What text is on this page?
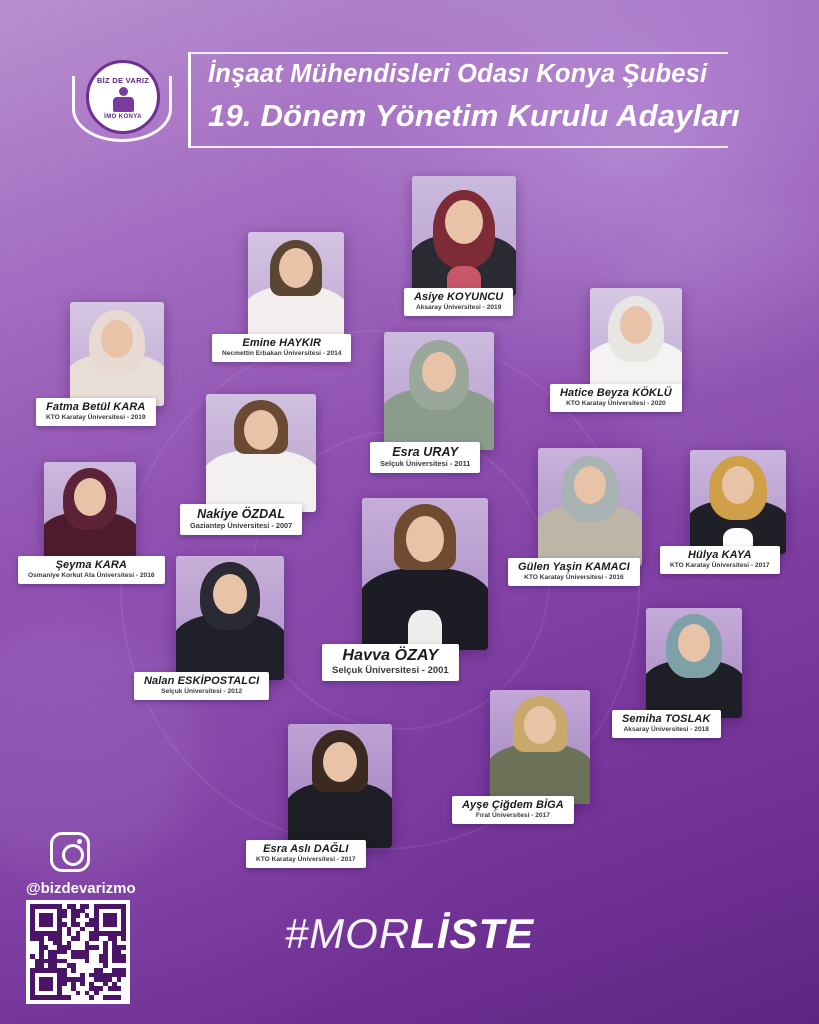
BİZ DE VARIZ
İMO KONYA
İnşaat Mühendisleri Odası Konya Şubesi
19. Dönem Yönetim Kurulu Adayları
Asiye KOYUNCU
Aksaray Üniversitesi - 2019
Emine HAYKIR
Necmettin Erbakan Üniversitesi - 2014
Hatice Beyza KÖKLÜ
KTO Karatay Üniversitesi - 2020
Fatma Betül KARA
KTO Karatay Üniversitesi - 2019
Esra URAY
Selçuk Üniversitesi - 2011
Nakiye ÖZDAL
Gaziantep Üniversitesi - 2007
Hülya KAYA
KTO Karatay Üniversitesi - 2017
Şeyma KARA
Osmaniye Korkut Ata Üniversitesi - 2016
Gülen Yaşin KAMACI
KTO Karatay Üniversitesi - 2016
Havva ÖZAY
Selçuk Üniversitesi - 2001
Nalan ESKİPOSTALCI
Selçuk Üniversitesi - 2012
Semiha TOSLAK
Aksaray Üniversitesi - 2018
Ayşe Çiğdem BİGA
Fırat Üniversitesi - 2017
Esra Aslı DAĞLI
KTO Karatay Üniversitesi - 2017
@bizdevarizmo
#MORLİSTE
